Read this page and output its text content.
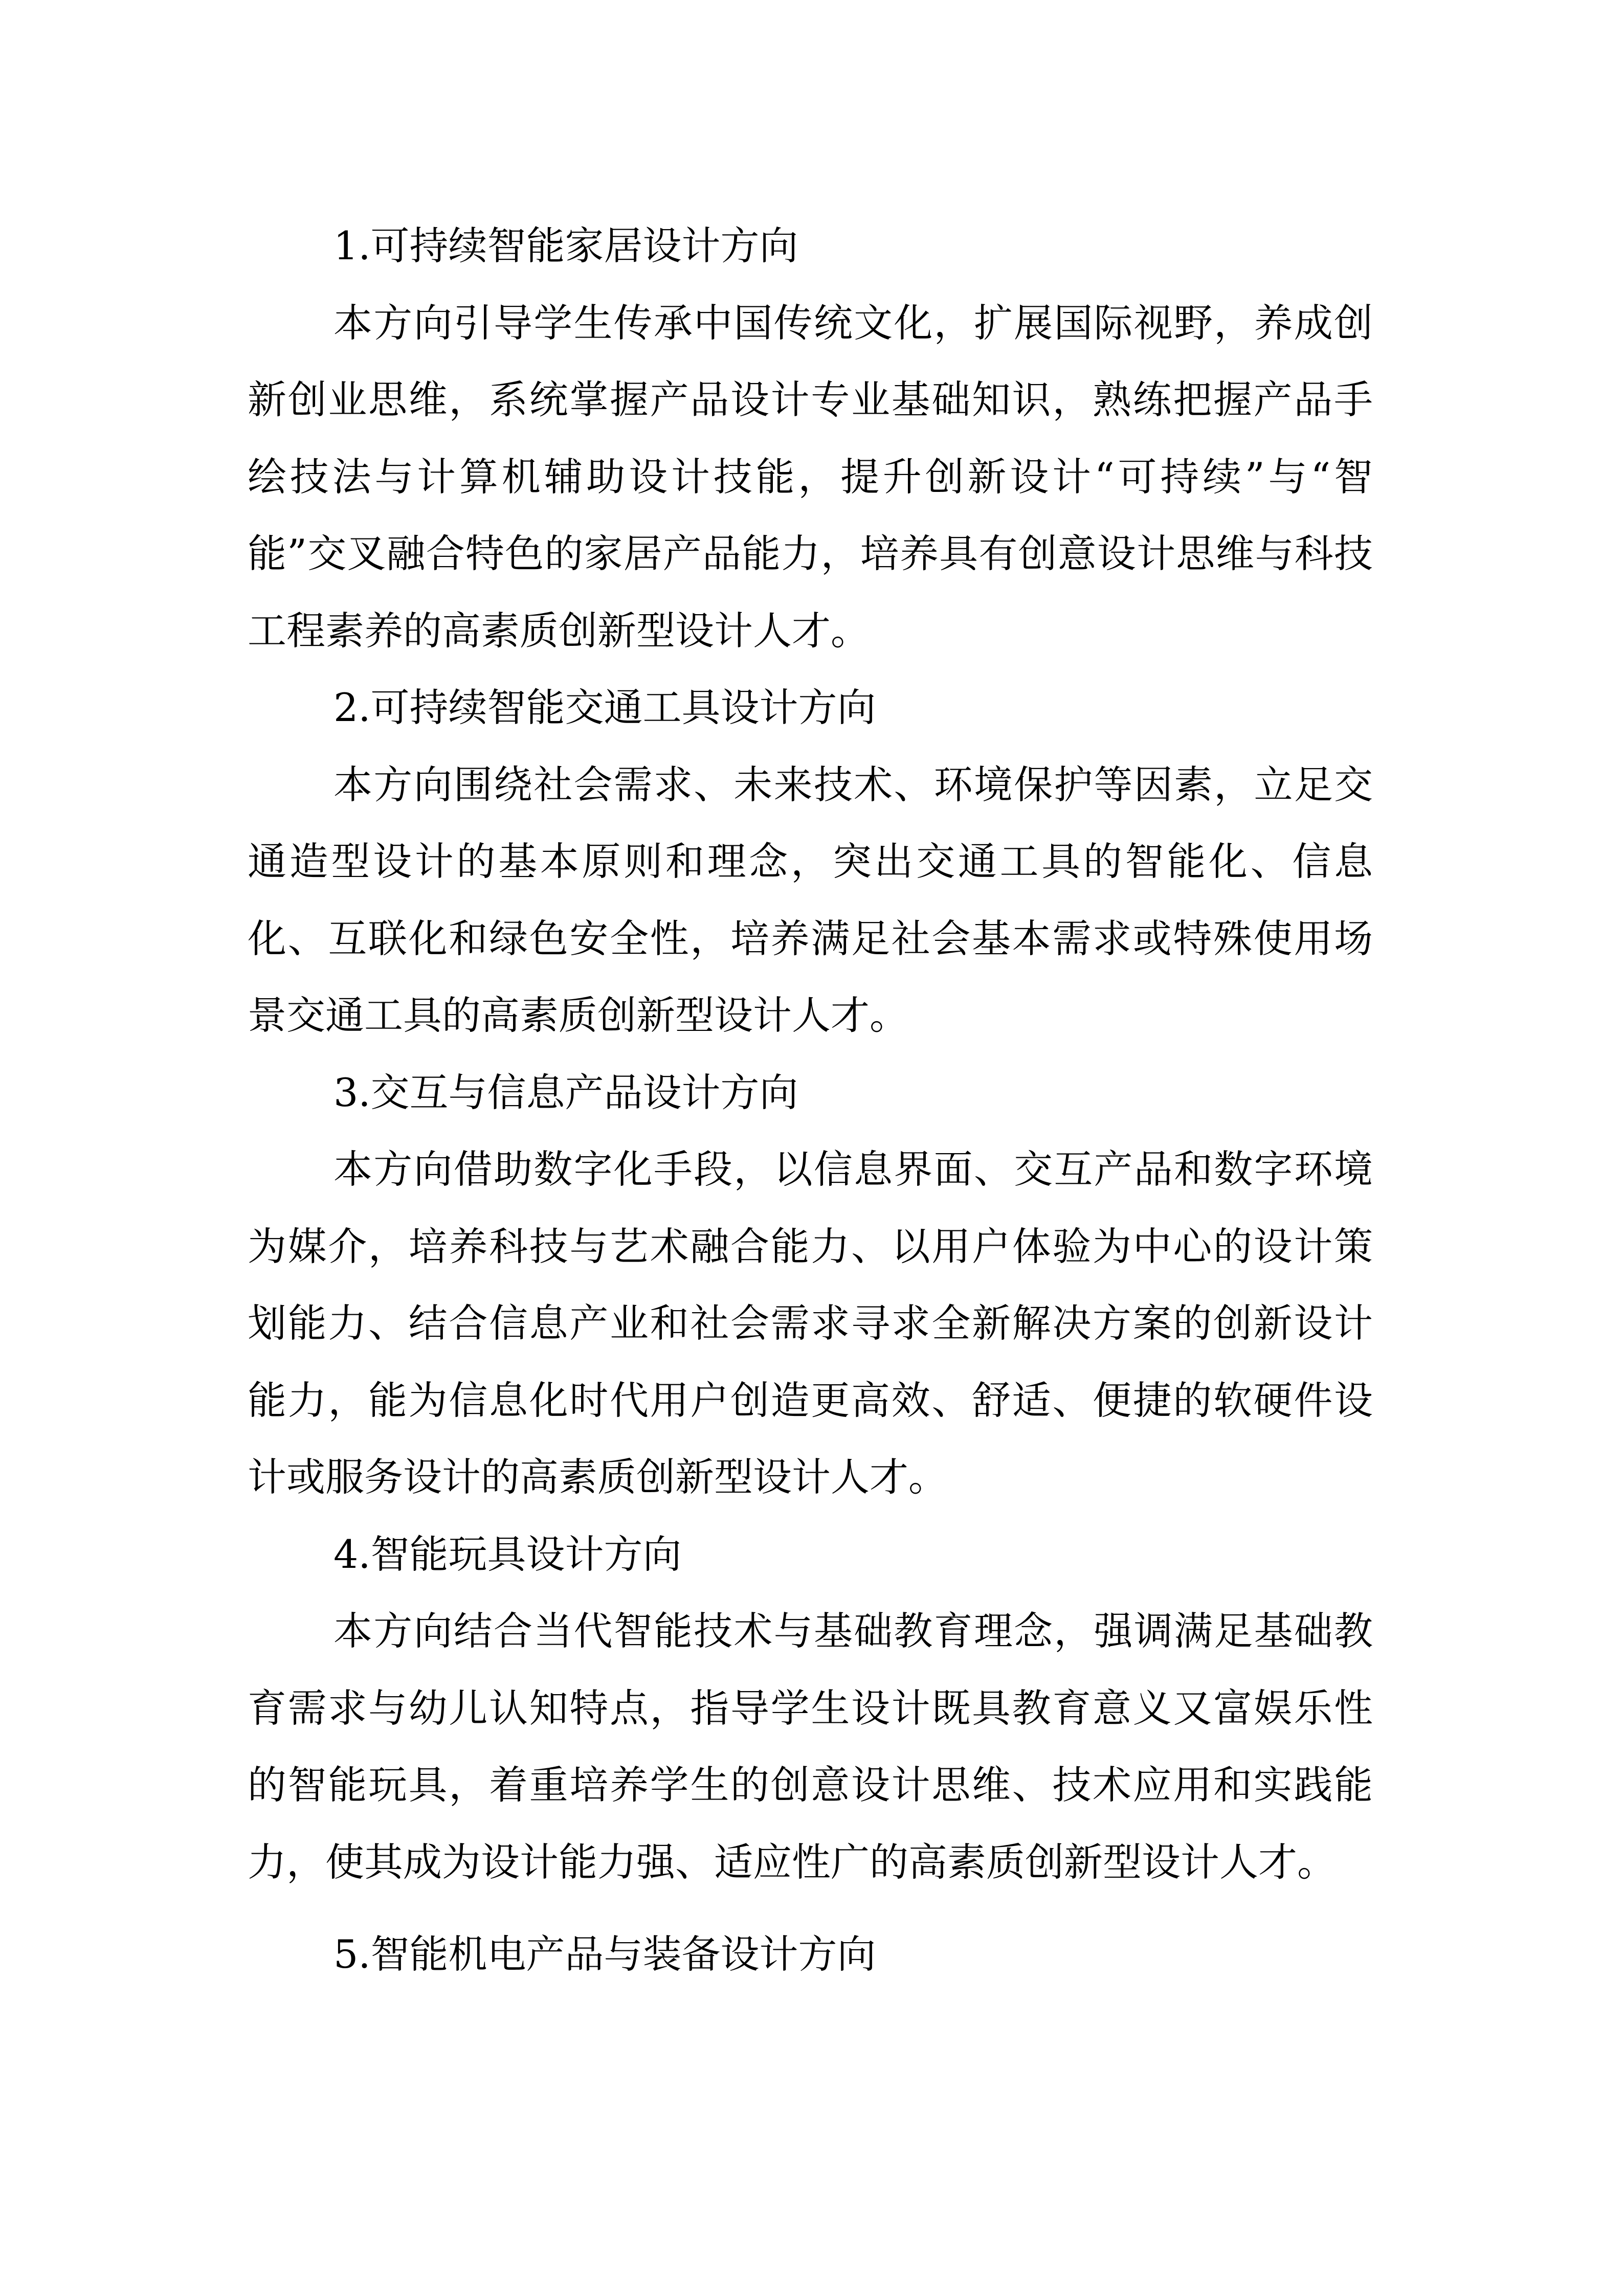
1.可持续智能家居设计方向

本方向引导学生传承中国传统文化，扩展国际视野，养成创新创业思维，系统掌握产品设计专业基础知识，熟练把握产品手绘技法与计算机辅助设计技能，提升创新设计“可持续”与“智能”交叉融合特色的家居产品能力，培养具有创意设计思维与科技工程素养的高素质创新型设计人才。

2.可持续智能交通工具设计方向

本方向围绕社会需求、未来技术、环境保护等因素，立足交通造型设计的基本原则和理念，突出交通工具的智能化、信息化、互联化和绿色安全性，培养满足社会基本需求或特殊使用场景交通工具的高素质创新型设计人才。

3.交互与信息产品设计方向

本方向借助数字化手段，以信息界面、交互产品和数字环境为媒介，培养科技与艺术融合能力、以用户体验为中心的设计策划能力、结合信息产业和社会需求寻求全新解决方案的创新设计能力，能为信息化时代用户创造更高效、舒适、便捷的软硬件设计或服务设计的高素质创新型设计人才。

4.智能玩具设计方向

本方向结合当代智能技术与基础教育理念，强调满足基础教育需求与幼儿认知特点，指导学生设计既具教育意义又富娱乐性的智能玩具，着重培养学生的创意设计思维、技术应用和实践能力，使其成为设计能力强、适应性广的高素质创新型设计人才。

5.智能机电产品与装备设计方向
